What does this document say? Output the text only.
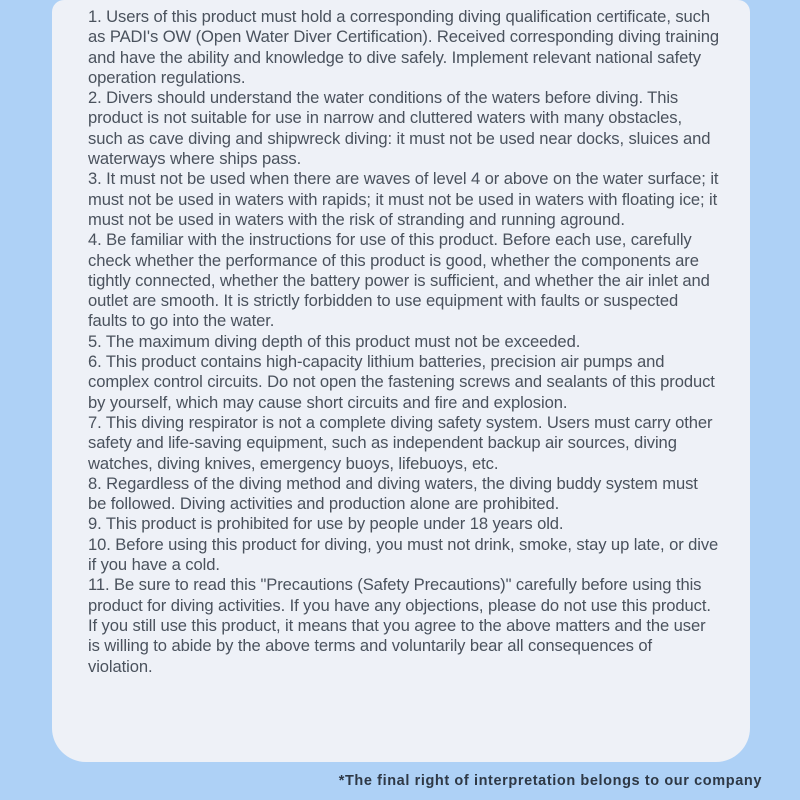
1. Users of this product must hold a corresponding diving qualification certificate, such as PADI's OW (Open Water Diver Certification). Received corresponding diving training and have the ability and knowledge to dive safely. Implement relevant national safety operation regulations.

2. Divers should understand the water conditions of the waters before diving. This product is not suitable for use in narrow and cluttered waters with many obstacles, such as cave diving and shipwreck diving: it must not be used near docks, sluices and waterways where ships pass.

3. It must not be used when there are waves of level 4 or above on the water surface; it must not be used in waters with rapids; it must not be used in waters with floating ice; it must not be used in waters with the risk of stranding and running aground.

4. Be familiar with the instructions for use of this product. Before each use, carefully check whether the performance of this product is good, whether the components are tightly connected, whether the battery power is sufficient, and whether the air inlet and outlet are smooth. It is strictly forbidden to use equipment with faults or suspected faults to go into the water.

5. The maximum diving depth of this product must not be exceeded.

6. This product contains high-capacity lithium batteries, precision air pumps and complex control circuits. Do not open the fastening screws and sealants of this product by yourself, which may cause short circuits and fire and explosion.

7. This diving respirator is not a complete diving safety system. Users must carry other safety and life-saving equipment, such as independent backup air sources, diving watches, diving knives, emergency buoys, lifebuoys, etc.

8. Regardless of the diving method and diving waters, the diving buddy system must be followed. Diving activities and production alone are prohibited.

9. This product is prohibited for use by people under 18 years old.

10. Before using this product for diving, you must not drink, smoke, stay up late, or dive if you have a cold.

11. Be sure to read this "Precautions (Safety Precautions)" carefully before using this product for diving activities. If you have any objections, please do not use this product. If you still use this product, it means that you agree to the above matters and the user is willing to abide by the above terms and voluntarily bear all consequences of violation.

*The final right of interpretation belongs to our company
